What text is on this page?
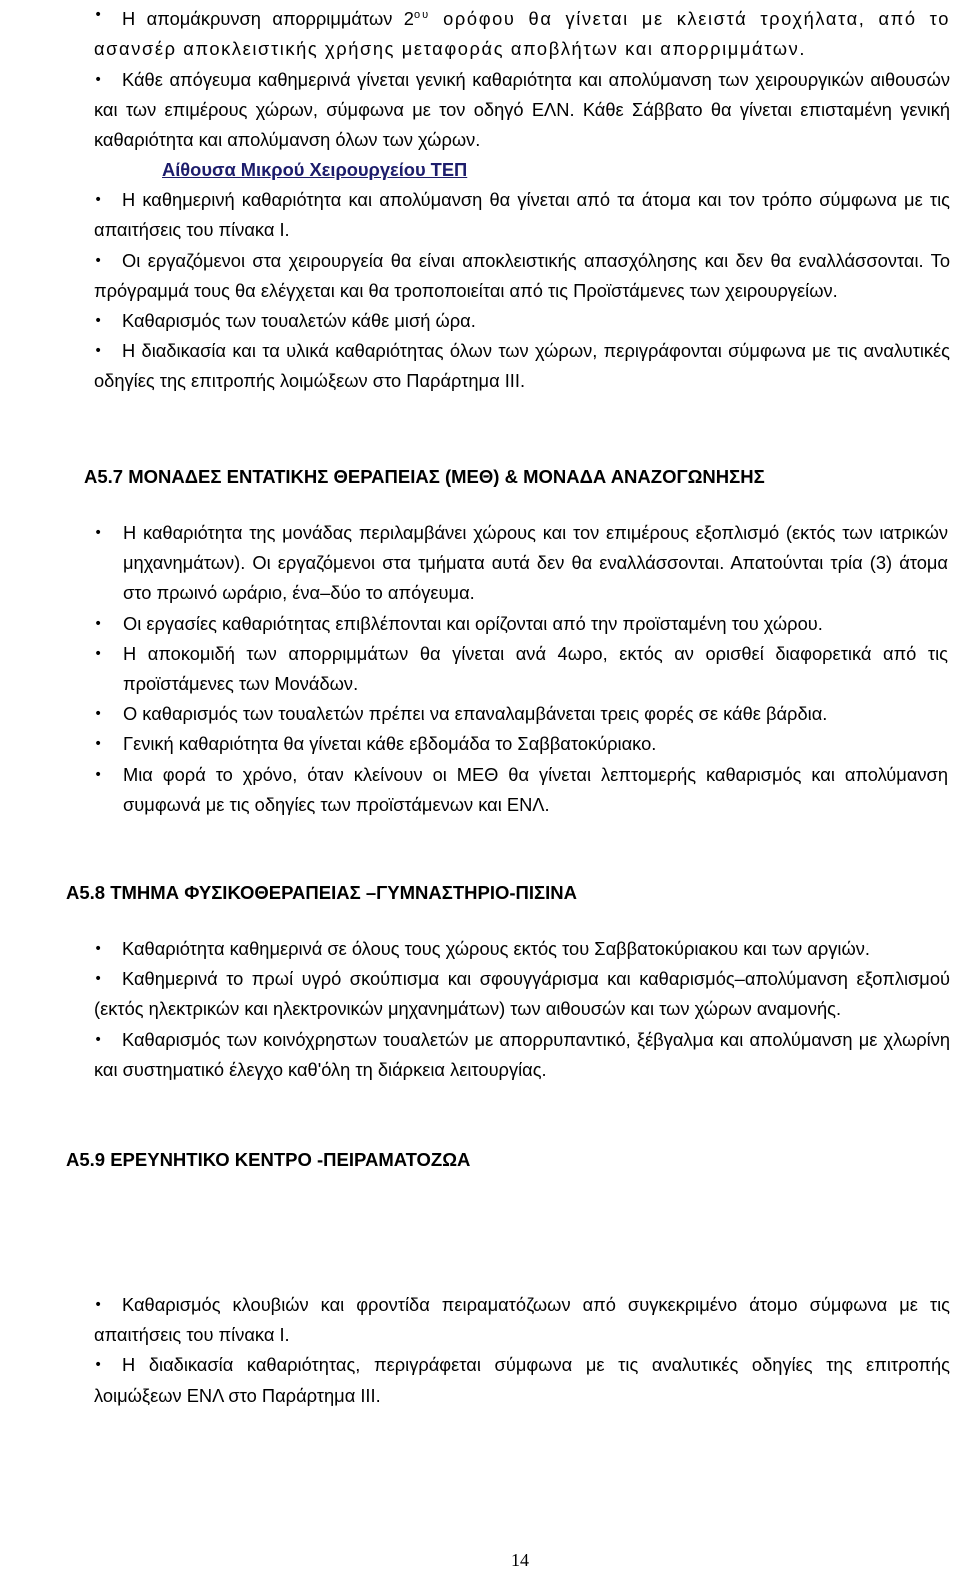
• Η απομάκρυνση απορριμμάτων $2^{o\upsilon}$ ορόφου θα γίνεται με κλειστά τροχήλατα, από το ασανσέρ αποκλειστικής χρήσης μεταφοράς αποβλήτων και απορριμμάτων.
• Κάθε απόγευμα καθημερινά γίνεται γενική καθαριότητα και απολύμανση των χειρουργικών αιθουσών και των επιμέρους χώρων, σύμφωνα με τον οδηγό ΕΛΝ. Κάθε Σάββατο θα γίνεται επισταμένη γενική καθαριότητα και απολύμανση όλων των χώρων.
Αίθουσα Μικρού Χειρουργείου ΤΕΠ
• Η καθημερινή καθαριότητα και απολύμανση θα γίνεται από τα άτομα και τον τρόπο σύμφωνα με τις απαιτήσεις του πίνακα Ι.
• Οι εργαζόμενοι στα χειρουργεία θα είναι αποκλειστικής απασχόλησης και δεν θα εναλλάσσονται. Το πρόγραμμά τους θα ελέγχεται και θα τροποποιείται από τις Προϊστάμενες των χειρουργείων.
• Καθαρισμός των τουαλετών κάθε μισή ώρα.
• Η διαδικασία και τα υλικά καθαριότητας όλων των χώρων, περιγράφονται σύμφωνα με τις αναλυτικές οδηγίες της επιτροπής λοιμώξεων στο Παράρτημα ΙΙΙ.
Α5.7 ΜΟΝΑΔΕΣ ΕΝΤΑΤΙΚΗΣ ΘΕΡΑΠΕΙΑΣ (ΜΕΘ) & ΜΟΝΑΔΑ ΑΝΑΖΟΓΩΝΗΣΗΣ
• Η καθαριότητα της μονάδας περιλαμβάνει χώρους και τον επιμέρους εξοπλισμό (εκτός των ιατρικών μηχανημάτων). Οι εργαζόμενοι στα τμήματα αυτά δεν θα εναλλάσσονται. Απατούνται τρία (3) άτομα στο πρωινό ωράριο, ένα–δύο το απόγευμα.
• Οι εργασίες καθαριότητας επιβλέπονται και ορίζονται από την προϊσταμένη του χώρου.
• Η αποκομιδή των απορριμμάτων θα γίνεται ανά 4ωρο, εκτός αν ορισθεί διαφορετικά από τις προϊστάμενες των Μονάδων.
• Ο καθαρισμός των τουαλετών πρέπει να επαναλαμβάνεται τρεις φορές σε κάθε βάρδια.
• Γενική καθαριότητα θα γίνεται κάθε εβδομάδα το Σαββατοκύριακο.
• Μια φορά το χρόνο, όταν κλείνουν οι ΜΕΘ θα γίνεται λεπτομερής καθαρισμός και απολύμανση συμφωνά με τις οδηγίες των προϊστάμενων και ΕΝΛ.
Α5.8 ΤΜΗΜΑ ΦΥΣΙΚΟΘΕΡΑΠΕΙΑΣ –ΓΥΜΝΑΣΤΗΡΙΟ-ΠΙΣΙΝΑ
• Καθαριότητα καθημερινά σε όλους τους χώρους εκτός του Σαββατοκύριακου και των αργιών.
• Καθημερινά το πρωί υγρό σκούπισμα και σφουγγάρισμα και καθαρισμός–απολύμανση εξοπλισμού (εκτός ηλεκτρικών και ηλεκτρονικών μηχανημάτων) των αιθουσών και των χώρων αναμονής.
• Καθαρισμός των κοινόχρηστων τουαλετών με απορρυπαντικό, ξέβγαλμα και απολύμανση με χλωρίνη και συστηματικό έλεγχο καθ'όλη τη διάρκεια λειτουργίας.
Α5.9 ΕΡΕΥΝΗΤΙΚΟ ΚΕΝΤΡΟ -ΠΕΙΡΑΜΑΤΟΖΩΑ
• Καθαρισμός κλουβιών και φροντίδα πειραματόζωων από συγκεκριμένο άτομο σύμφωνα με τις απαιτήσεις του πίνακα Ι.
• Η διαδικασία καθαριότητας, περιγράφεται σύμφωνα με τις αναλυτικές οδηγίες της επιτροπής λοιμώξεων ΕΝΛ στο Παράρτημα ΙΙΙ.
14
